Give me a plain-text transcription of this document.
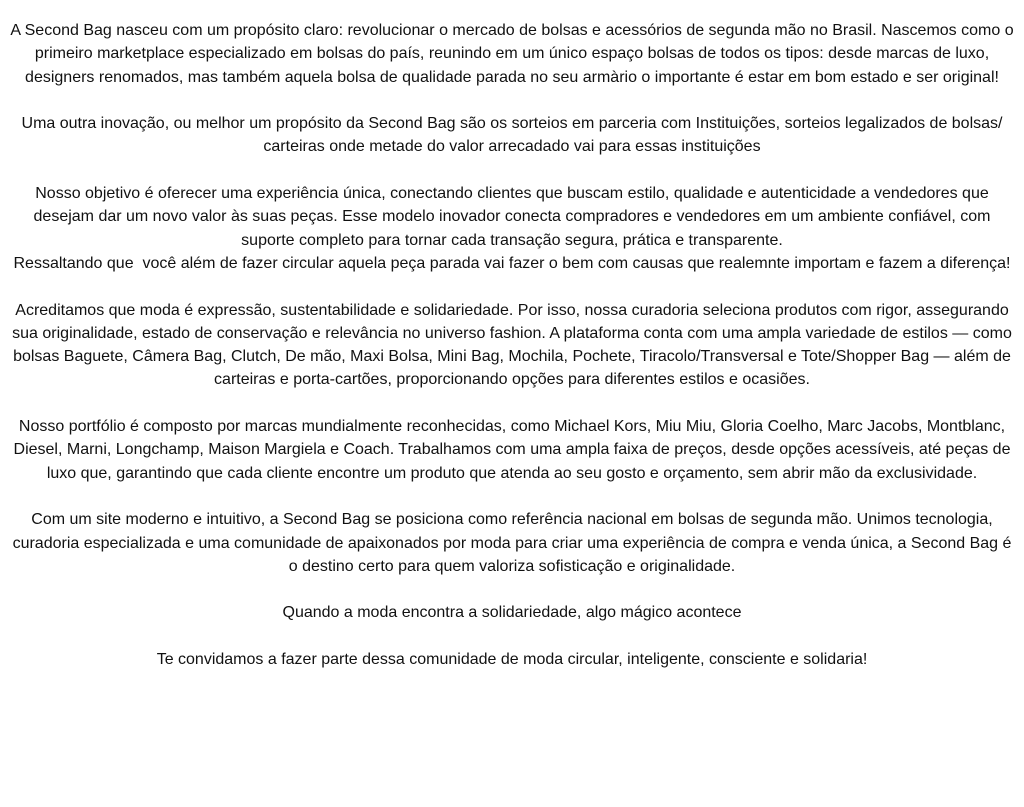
A Second Bag nasceu com um propósito claro: revolucionar o mercado de bolsas e acessórios de segunda mão no Brasil. Nascemos como o primeiro marketplace especializado em bolsas do país, reunindo em um único espaço bolsas de todos os tipos: desde marcas de luxo, designers renomados, mas também aquela bolsa de qualidade parada no seu armàrio o importante é estar em bom estado e ser original!

Uma outra inovação, ou melhor um propósito da Second Bag são os sorteios em parceria com Instituições, sorteios legalizados de bolsas/ carteiras onde metade do valor arrecadado vai para essas instituições

Nosso objetivo é oferecer uma experiência única, conectando clientes que buscam estilo, qualidade e autenticidade a vendedores que desejam dar um novo valor às suas peças. Esse modelo inovador conecta compradores e vendedores em um ambiente confiável, com suporte completo para tornar cada transação segura, prática e transparente.

Ressaltando que  você além de fazer circular aquela peça parada vai fazer o bem com causas que realemnte importam e fazem a diferença!

Acreditamos que moda é expressão, sustentabilidade e solidariedade. Por isso, nossa curadoria seleciona produtos com rigor, assegurando sua originalidade, estado de conservação e relevância no universo fashion. A plataforma conta com uma ampla variedade de estilos — como bolsas Baguete, Câmera Bag, Clutch, De mão, Maxi Bolsa, Mini Bag, Mochila, Pochete, Tiracolo/Transversal e Tote/Shopper Bag — além de carteiras e porta-cartões, proporcionando opções para diferentes estilos e ocasiões.

Nosso portfólio é composto por marcas mundialmente reconhecidas, como Michael Kors, Miu Miu, Gloria Coelho, Marc Jacobs, Montblanc, Diesel, Marni, Longchamp, Maison Margiela e Coach. Trabalhamos com uma ampla faixa de preços, desde opções acessíveis, até peças de luxo que, garantindo que cada cliente encontre um produto que atenda ao seu gosto e orçamento, sem abrir mão da exclusividade.

Com um site moderno e intuitivo, a Second Bag se posiciona como referência nacional em bolsas de segunda mão. Unimos tecnologia, curadoria especializada e uma comunidade de apaixonados por moda para criar uma experiência de compra e venda única, a Second Bag é o destino certo para quem valoriza sofisticação e originalidade.

Quando a moda encontra a solidariedade, algo mágico acontece

Te convidamos a fazer parte dessa comunidade de moda circular, inteligente, consciente e solidaria!
